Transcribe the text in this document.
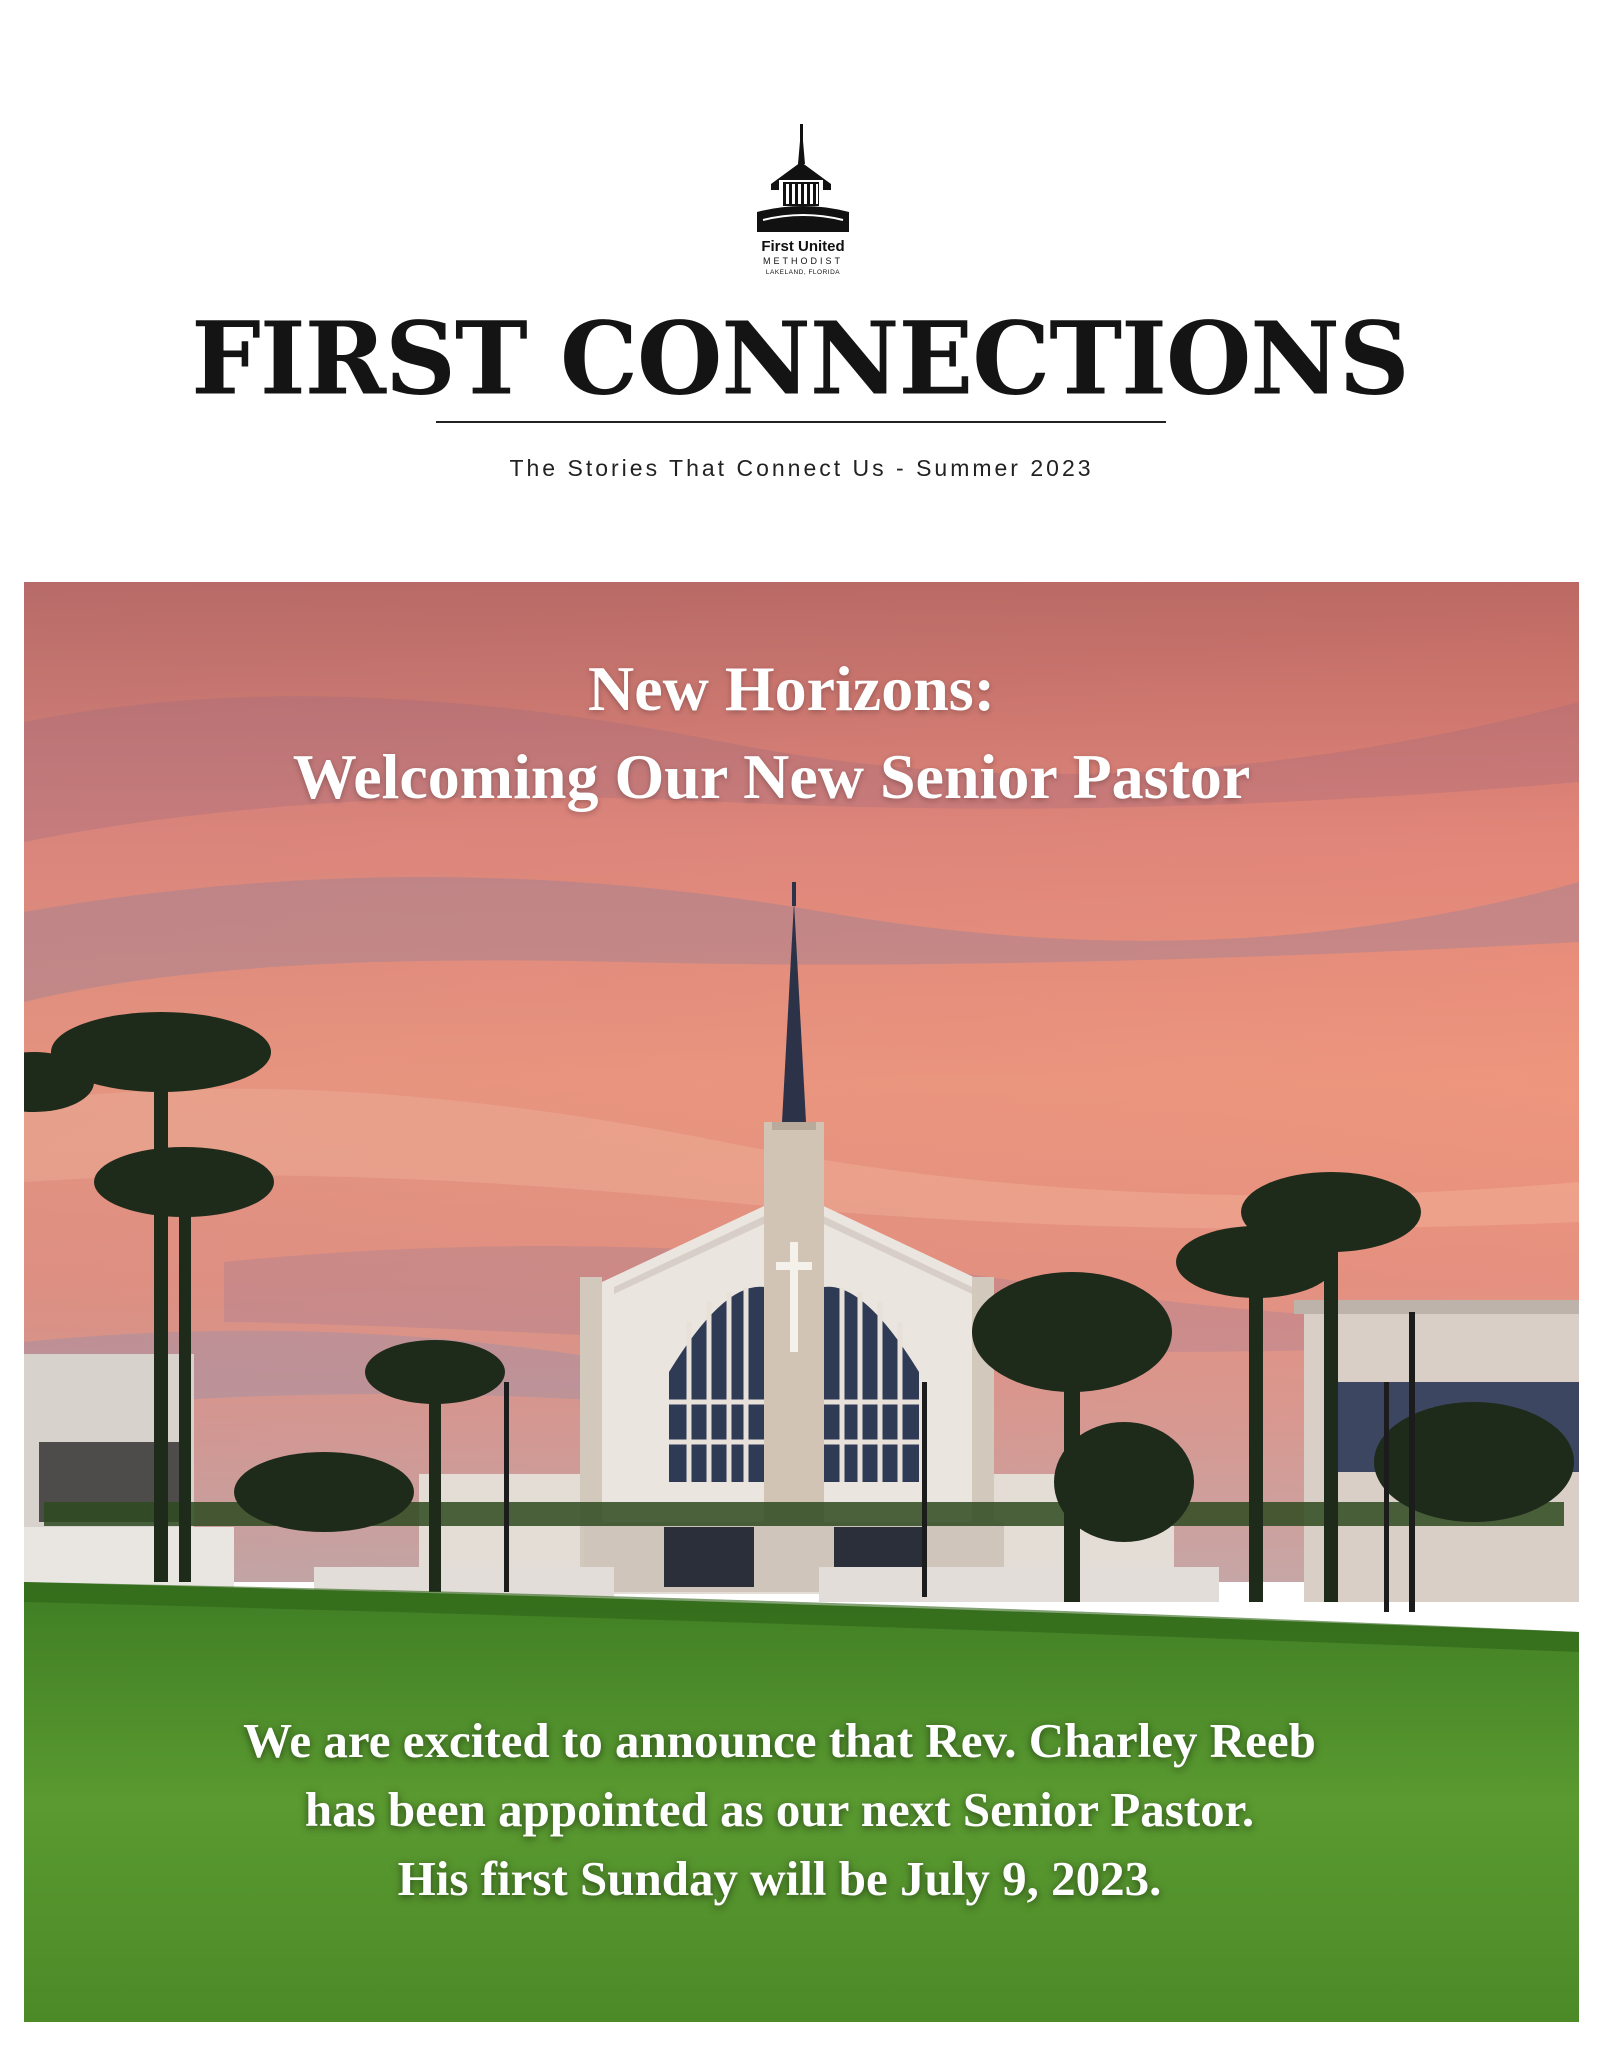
First United
METHODIST
LAKELAND, FLORIDA
FIRST CONNECTIONS
The Stories That Connect Us - Summer 2023
New Horizons:
Welcoming Our New Senior Pastor
We are excited to announce that Rev. Charley Reeb
has been appointed as our next Senior Pastor.
His first Sunday will be July 9, 2023.
